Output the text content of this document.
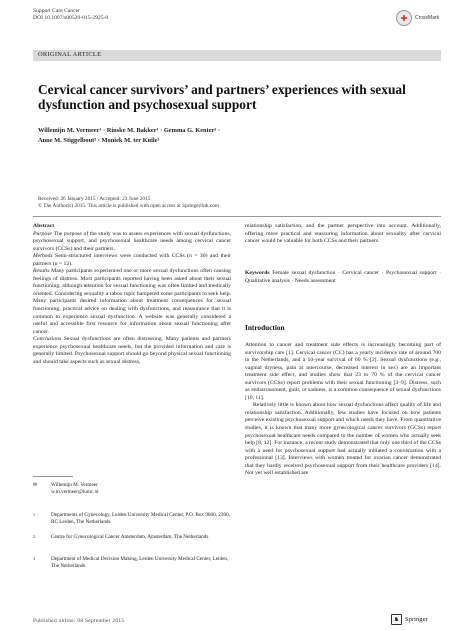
Support Care Cancer
DOI 10.1007/s00520-015-2925-0	✚	CrossMark
ORIGINAL ARTICLE
Cervical cancer survivors’ and partners’ experiences with sexual dysfunction and psychosexual support
Willemijn M. Vermeer¹ · Rinske M. Bakker¹ · Gemma G. Kenter² ·
Anne M. Stiggelbout³ · Moniek M. ter Kuile¹
Received: 26 January 2015 / Accepted: 23 June 2015
© The Author(s) 2015. This article is published with open access at Springerlink.com

Abstract

Purpose The purpose of the study was to assess experiences with sexual dysfunctions, psychosexual support, and psychosexual healthcare needs among cervical cancer survivors (CCSs) and their partners.

Methods Semi-structured interviews were conducted with CCSs (n = 30) and their partners (n = 12).

Results Many participants experienced one or more sexual dysfunctions often causing feelings of distress. Most participants reported having been asked about their sexual functioning, although attention for sexual functioning was often limited and medically oriented. Considering sexuality a taboo topic hampered some participants to seek help. Many participants desired information about treatment consequences for sexual functioning, practical advice on dealing with dysfunctions, and reassurance that it is common to experience sexual dysfunction. A website was generally considered a useful and accessible first resource for information about sexual functioning after cancer.

Conclusions Sexual dysfunctions are often distressing. Many patients and partners experience psychosexual healthcare needs, but the provided information and care is generally limited. Psychosexual support should go beyond physical sexual functioning and should take aspects such as sexual distress,

relationship satisfaction, and the partner perspective into account. Additionally, offering more practical and reassuring information about sexuality after cervical cancer would be valuable for both CCSs and their partners.

Keywords Female sexual dysfunction · Cervical cancer · Psychosexual support · Qualitative analysis · Needs assessment

Introduction

Attention to cancer and treatment side effects is increasingly becoming part of survivorship care [1]. Cervical cancer (CC) has a yearly incidence rate of around 700 in the Netherlands, and a 10-year survival of 60 % [2]. Sexual dysfunctions (e.g., vaginal dryness, pain at intercourse, decreased interest in sex) are an important treatment side effect, and studies show that 23 to 70 % of the cervical cancer survivors (CCSs) report problems with their sexual functioning [3–9]. Distress, such as embarrassment, guilt, or sadness, is a common consequence of sexual dysfunctions [10, 11].

Relatively little is known about how sexual dysfunctions affect quality of life and relationship satisfaction. Additionally, few studies have focused on how patients perceive existing psychosexual support and which needs they have. From quantitative studies, it is known that many more gynecological cancer survivors (GCSs) report psychosexual healthcare needs compared to the number of women who actually seek help [8, 12]. For instance, a recent study demonstrated that only one third of the CCSs with a need for psychosexual support had actually initiated a conversation with a professional [13]. Interviews with women treated for ovarian cancer demonstrated that they hardly received psychosexual support from their healthcare providers [14]. Not yet well established are

✉	Willemijn M. Vermeer
w.m.vermeer@lumc.nl
1	Departments of Gynecology, Leiden University Medical Center, P.O. Box 9600, 2300, RC Leiden, The Netherlands
2	Centre for Gynecological Cancer Amsterdam, Amsterdam, The Netherlands
3	Department of Medical Decision Making, Leiden University Medical Center, Leiden, The Netherlands
Published online: 08 September 2015	♞ Springer
